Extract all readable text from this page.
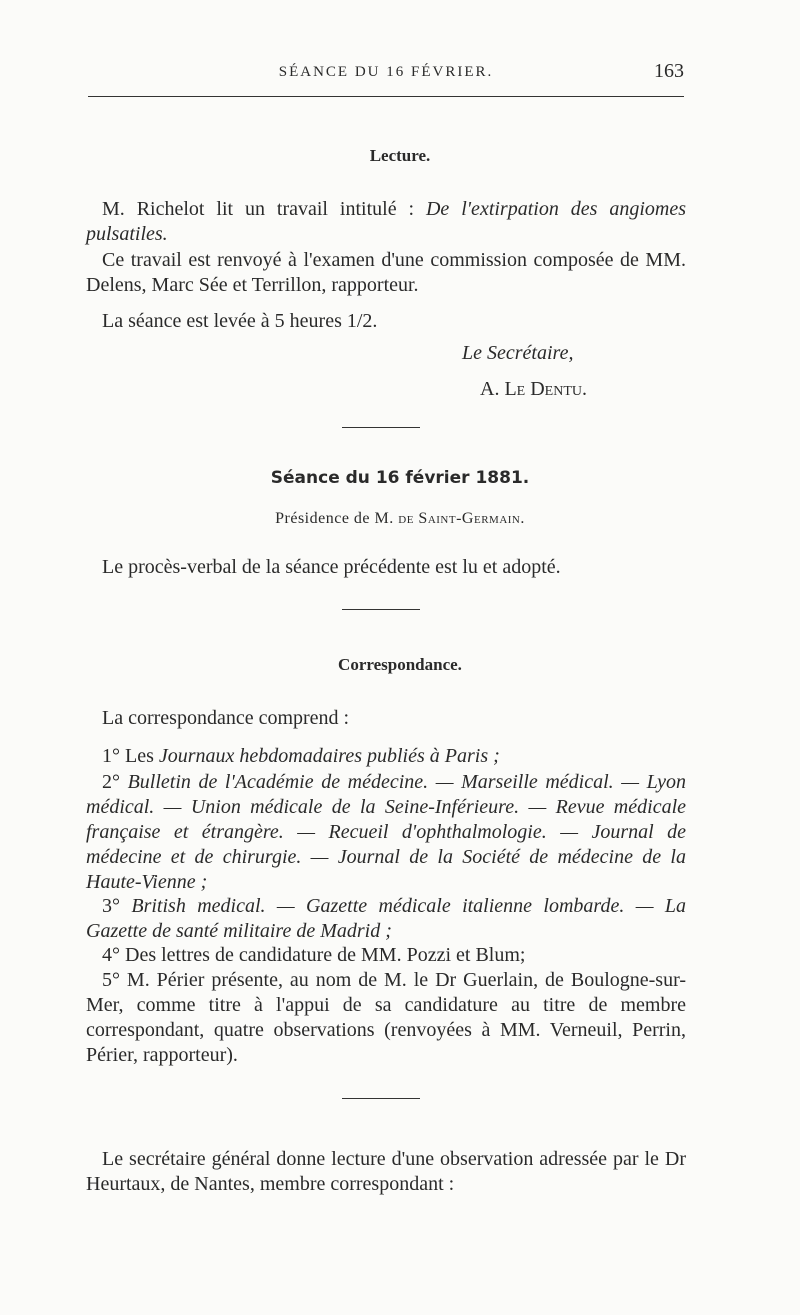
SÉANCE DU 16 FÉVRIER.	163
Lecture.

M. Richelot lit un travail intitulé : De l'extirpation des angiomes pulsatiles.

Ce travail est renvoyé à l'examen d'une commission composée de MM. Delens, Marc Sée et Terrillon, rapporteur.

La séance est levée à 5 heures 1/2.

Le Secrétaire,
A. Le Dentu.
Séance du 16 février 1881.
Présidence de M. de Saint-Germain.

Le procès-verbal de la séance précédente est lu et adopté.

Correspondance.

La correspondance comprend :

1° Les Journaux hebdomadaires publiés à Paris ;

2° Bulletin de l'Académie de médecine. — Marseille médical. — Lyon médical. — Union médicale de la Seine-Inférieure. — Revue médicale française et étrangère. — Recueil d'ophthalmologie. — Journal de médecine et de chirurgie. — Journal de la Société de médecine de la Haute-Vienne ;

3° British medical. — Gazette médicale italienne lombarde. — La Gazette de santé militaire de Madrid ;

4° Des lettres de candidature de MM. Pozzi et Blum;

5° M. Périer présente, au nom de M. le Dr Guerlain, de Boulogne-sur-Mer, comme titre à l'appui de sa candidature au titre de membre correspondant, quatre observations (renvoyées à MM. Verneuil, Perrin, Périer, rapporteur).

Le secrétaire général donne lecture d'une observation adressée par le Dr Heurtaux, de Nantes, membre correspondant :
